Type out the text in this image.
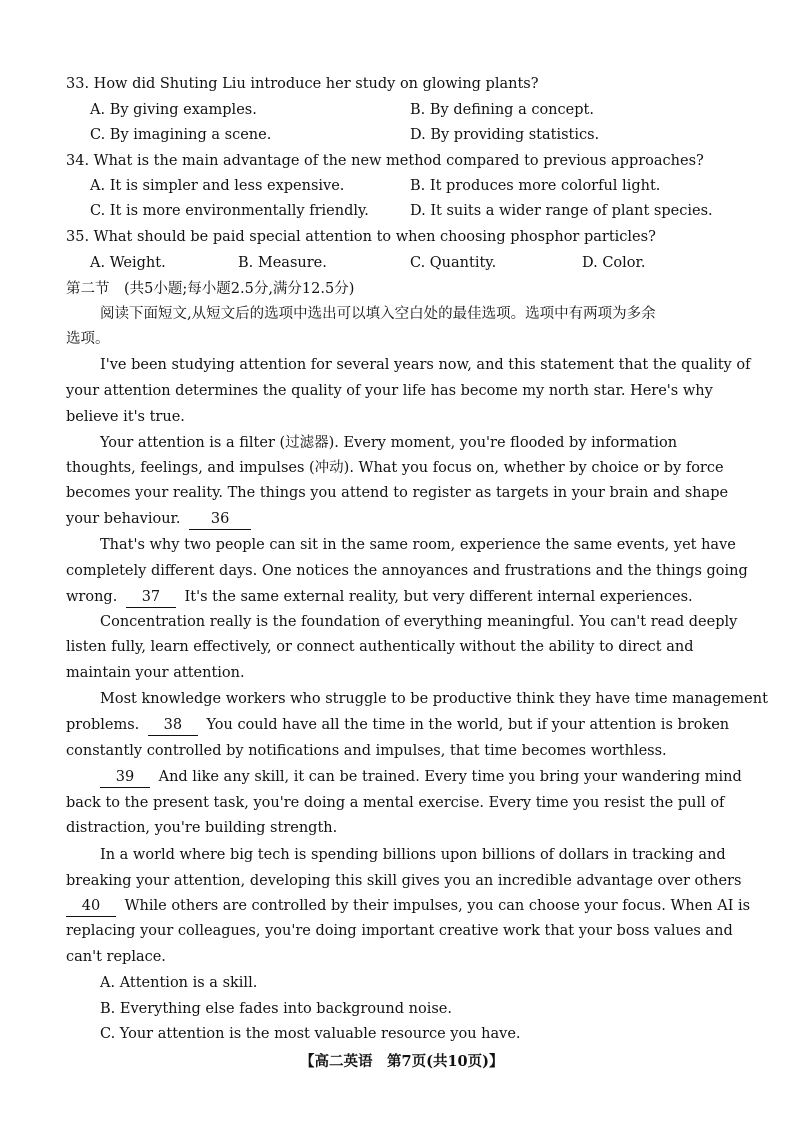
33. How did Shuting Liu introduce her study on glowing plants?
A. By giving examples.	B. By defining a concept.
C. By imagining a scene.	D. By providing statistics.
34. What is the main advantage of the new method compared to previous approaches?
A. It is simpler and less expensive.	B. It produces more colorful light.
C. It is more environmentally friendly.	D. It suits a wider range of plant species.
35. What should be paid special attention to when choosing phosphor particles?
A. Weight.	B. Measure.	C. Quantity.	D. Color.
第二节　(共5小题;每小题2.5分,满分12.5分)
阅读下面短文,从短文后的选项中选出可以填入空白处的最佳选项。选项中有两项为多余
选项。
I've been studying attention for several years now, and this statement that the quality of
your attention determines the quality of your life has become my north star. Here's why
believe it's true.
Your attention is a filter (过滤器). Every moment, you're flooded by information
thoughts, feelings, and impulses (冲动). What you focus on, whether by choice or by force
becomes your reality. The things you attend to register as targets in your brain and shape
your behaviour. 36
That's why two people can sit in the same room, experience the same events, yet have
completely different days. One notices the annoyances and frustrations and the things going
wrong. 37 It's the same external reality, but very different internal experiences.
Concentration really is the foundation of everything meaningful. You can't read deeply
listen fully, learn effectively, or connect authentically without the ability to direct and
maintain your attention.
Most knowledge workers who struggle to be productive think they have time management
problems. 38 You could have all the time in the world, but if your attention is broken
constantly controlled by notifications and impulses, that time becomes worthless.
39 And like any skill, it can be trained. Every time you bring your wandering mind
back to the present task, you're doing a mental exercise. Every time you resist the pull of
distraction, you're building strength.
In a world where big tech is spending billions upon billions of dollars in tracking and
breaking your attention, developing this skill gives you an incredible advantage over others
40 While others are controlled by their impulses, you can choose your focus. When AI is
replacing your colleagues, you're doing important creative work that your boss values and
can't replace.
A. Attention is a skill.
B. Everything else fades into background noise.
C. Your attention is the most valuable resource you have.
【高二英语　第7页(共10页)】
